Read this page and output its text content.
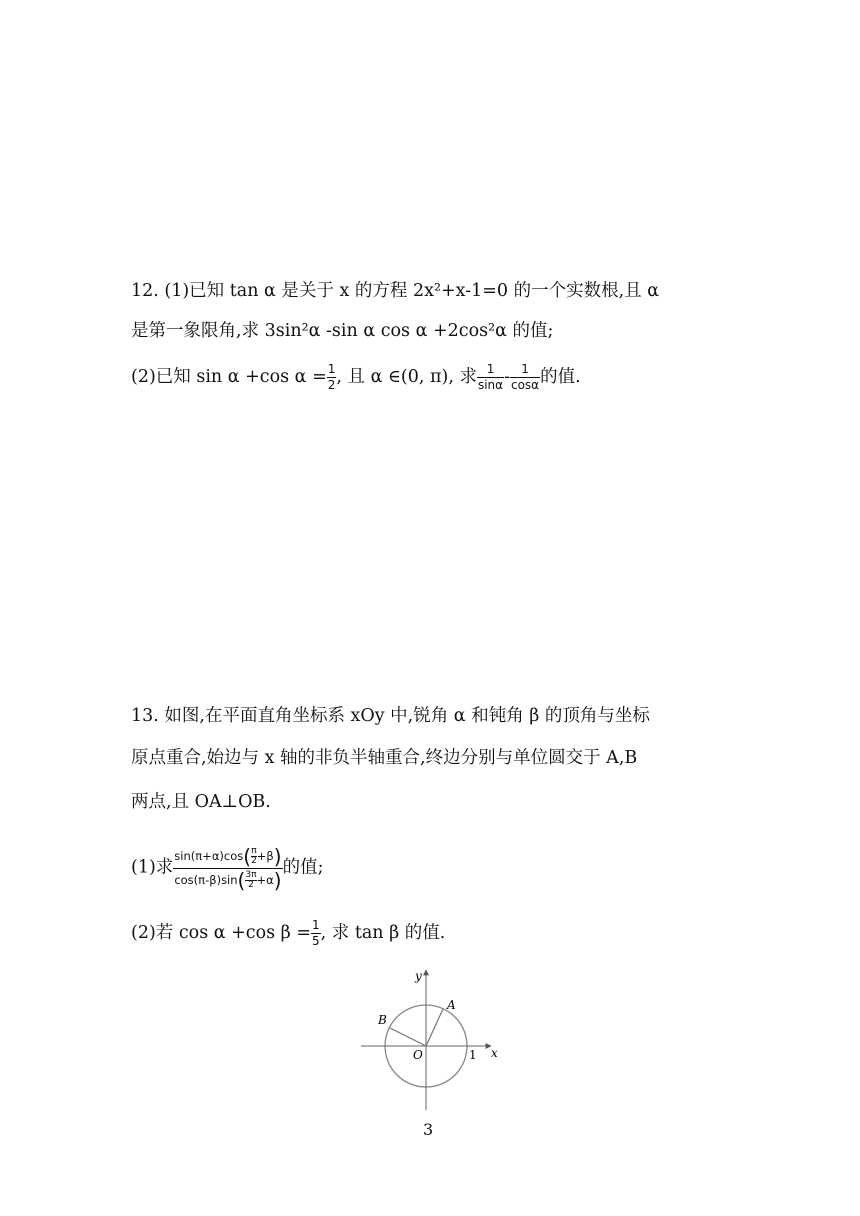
12. (1)已知 tan α 是关于 x 的方程 2x²+x-1=0 的一个实数根,且 α
是第一象限角,求 3sin²α -sin α cos α +2cos²α 的值;
(2)已知 sin α +cos $\alpha = \frac{1}{2}$ , 且 α ∈(0, π), 求 $\frac{1}{\sin\alpha} - \frac{1}{\cos\alpha}$ 的值.
13. 如图,在平面直角坐标系 xOy 中,锐角 α 和钝角 β 的顶角与坐标
原点重合,始边与 x 轴的非负半轴重合,终边分别与单位圆交于 A,B
两点,且 OA⊥OB.
(1)求 $\frac{\sin(\pi+\alpha)\cos( \frac{\pi}{2} +\beta)}{\cos(\pi-\beta)\sin( \frac{3\pi}{2} +\alpha)}$ 的值;
(2)若 cos α +cos $\beta = \frac{1}{5}$ , 求 tan β 的值.
y
x
A
B
O	1
3
